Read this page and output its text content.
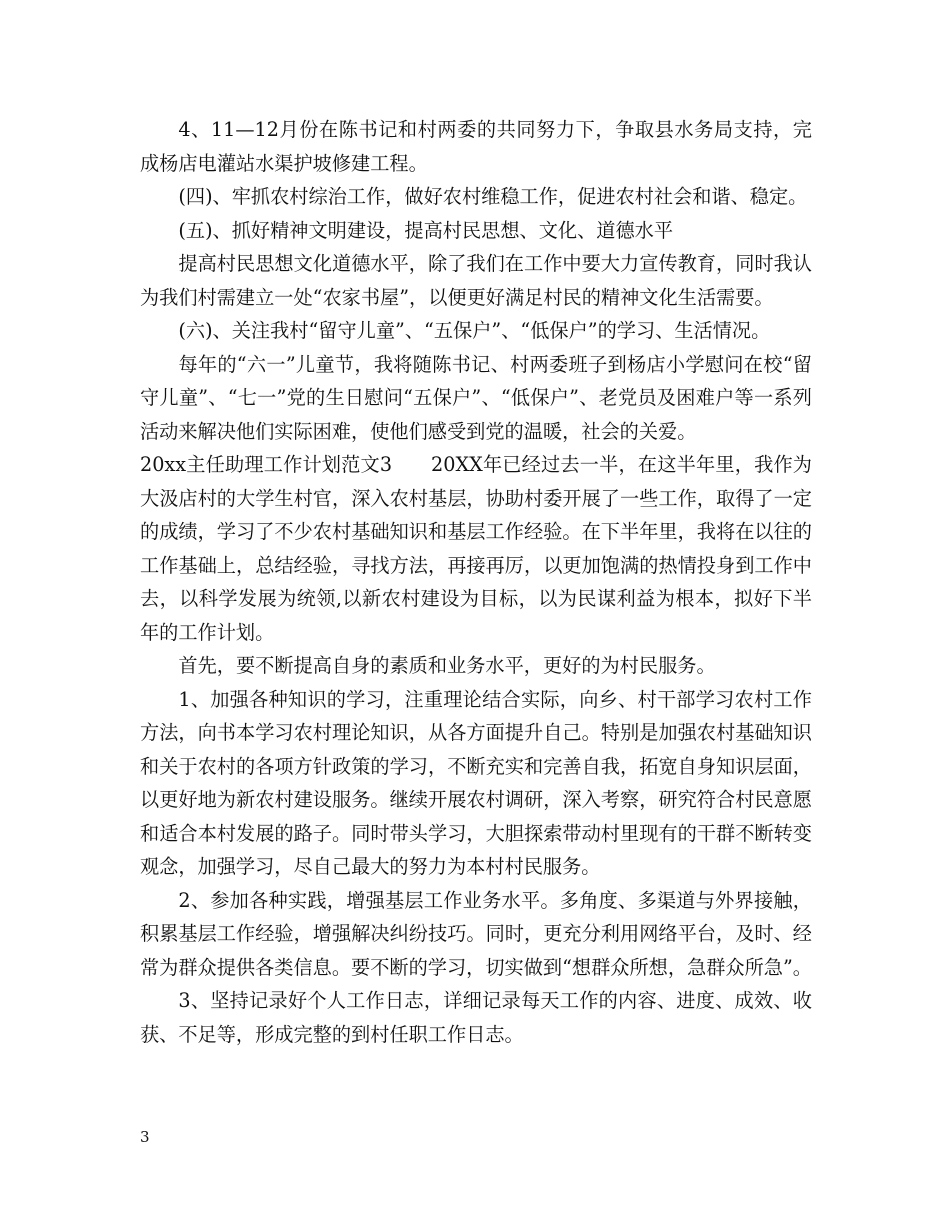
4、11—12月份在陈书记和村两委的共同努力下，争取县水务局支持，完成杨店电灌站水渠护坡修建工程。

(四)、牢抓农村综治工作，做好农村维稳工作，促进农村社会和谐、稳定。

(五)、抓好精神文明建设，提高村民思想、文化、道德水平

提高村民思想文化道德水平，除了我们在工作中要大力宣传教育，同时我认为我们村需建立一处“农家书屋”，以便更好满足村民的精神文化生活需要。

(六)、关注我村“留守儿童”、“五保户”、“低保户”的学习、生活情况。

每年的“六一”儿童节，我将随陈书记、村两委班子到杨店小学慰问在校“留守儿童”、“七一”党的生日慰问“五保户”、“低保户”、老党员及困难户等一系列活动来解决他们实际困难，使他们感受到党的温暖，社会的关爱。

20xx主任助理工作计划范文3　　20XX年已经过去一半，在这半年里，我作为大汲店村的大学生村官，深入农村基层，协助村委开展了一些工作，取得了一定的成绩，学习了不少农村基础知识和基层工作经验。在下半年里，我将在以往的工作基础上，总结经验，寻找方法，再接再厉，以更加饱满的热情投身到工作中去，以科学发展为统领,以新农村建设为目标，以为民谋利益为根本，拟好下半年的工作计划。

首先，要不断提高自身的素质和业务水平，更好的为村民服务。

1、加强各种知识的学习，注重理论结合实际，向乡、村干部学习农村工作方法，向书本学习农村理论知识，从各方面提升自己。特别是加强农村基础知识和关于农村的各项方针政策的学习，不断充实和完善自我，拓宽自身知识层面，以更好地为新农村建设服务。继续开展农村调研，深入考察，研究符合村民意愿和适合本村发展的路子。同时带头学习，大胆探索带动村里现有的干群不断转变观念，加强学习，尽自己最大的努力为本村村民服务。

2、参加各种实践，增强基层工作业务水平。多角度、多渠道与外界接触，积累基层工作经验，增强解决纠纷技巧。同时，更充分利用网络平台，及时、经常为群众提供各类信息。要不断的学习，切实做到“想群众所想，急群众所急”。

3、坚持记录好个人工作日志，详细记录每天工作的内容、进度、成效、收获、不足等，形成完整的到村任职工作日志。

3
